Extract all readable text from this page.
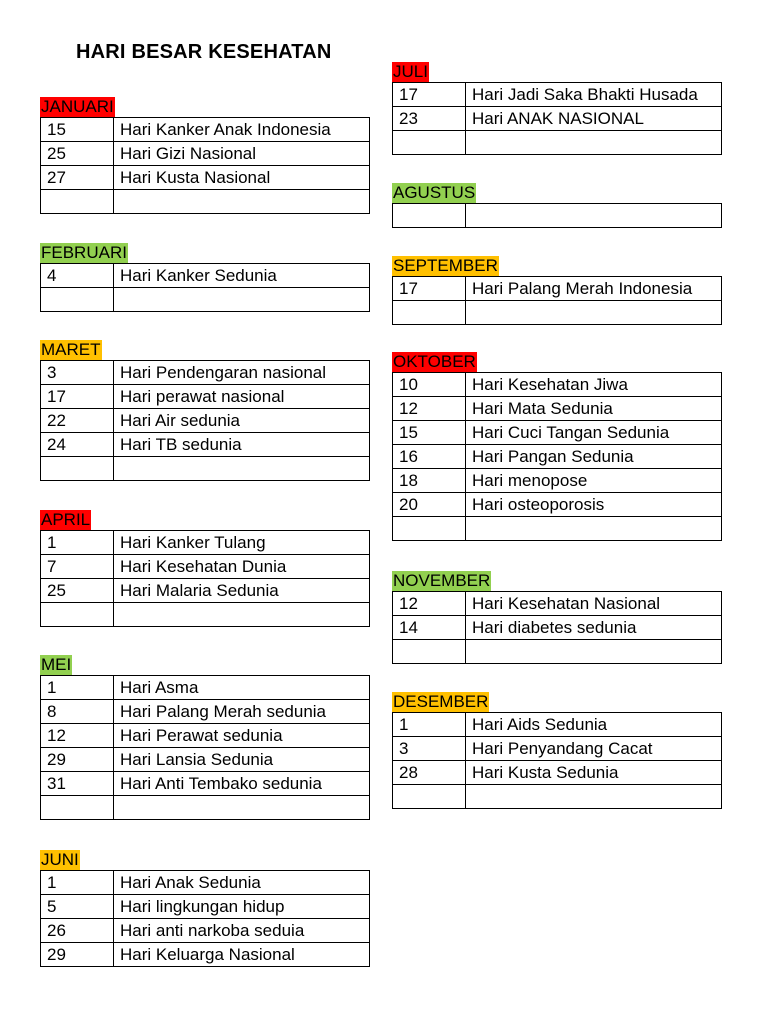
HARI BESAR KESEHATAN
JANUARI
15	Hari Kanker Anak Indonesia
25	Hari Gizi Nasional
27	Hari Kusta Nasional

FEBRUARI
4	Hari Kanker Sedunia

MARET
3	Hari Pendengaran nasional
17	Hari perawat nasional
22	Hari Air sedunia
24	Hari TB sedunia

APRIL
1	Hari Kanker Tulang
7	Hari Kesehatan Dunia
25	Hari Malaria Sedunia

MEI
1	Hari Asma
8	Hari Palang Merah sedunia
12	Hari Perawat sedunia
29	Hari Lansia Sedunia
31	Hari Anti Tembako sedunia

JUNI
1	Hari Anak Sedunia
5	Hari lingkungan hidup
26	Hari anti narkoba seduia
29	Hari Keluarga Nasional
JULI
17	Hari Jadi Saka Bhakti Husada
23	Hari ANAK NASIONAL

AGUSTUS

SEPTEMBER
17	Hari Palang Merah Indonesia

OKTOBER
10	Hari Kesehatan Jiwa
12	Hari Mata Sedunia
15	Hari Cuci Tangan Sedunia
16	Hari Pangan Sedunia
18	Hari menopose
20	Hari osteoporosis

NOVEMBER
12	Hari Kesehatan Nasional
14	Hari diabetes sedunia

DESEMBER
1	Hari Aids Sedunia
3	Hari Penyandang Cacat
28	Hari Kusta Sedunia
